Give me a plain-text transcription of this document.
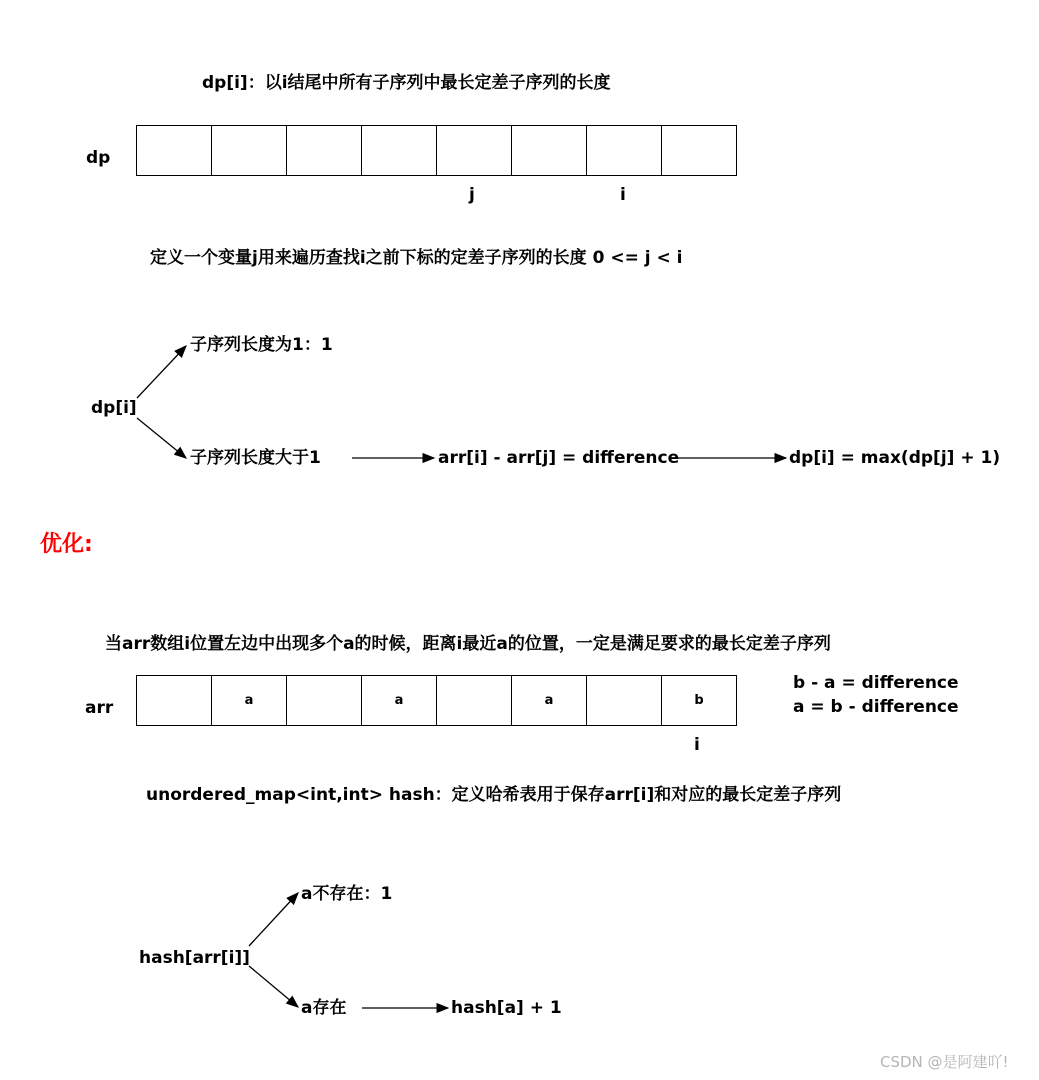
dp[i]：以i结尾中所有子序列中最长定差子序列的长度
dp
j	i
定义一个变量j用来遍历查找i之前下标的定差子序列的长度 0 <= j < i
dp[i]
子序列长度为1：1
子序列长度大于1	arr[i] - arr[j] = difference	dp[i] = max(dp[j] + 1)
优化:
当arr数组i位置左边中出现多个a的时候，距离i最近a的位置，一定是满足要求的最长定差子序列
arr	a	a	a	b
i
b - a = difference
a = b - difference
unordered_map<int,int> hash：定义哈希表用于保存arr[i]和对应的最长定差子序列
hash[arr[i]]
a不存在：1
a存在	hash[a] + 1
CSDN @是阿建吖!
